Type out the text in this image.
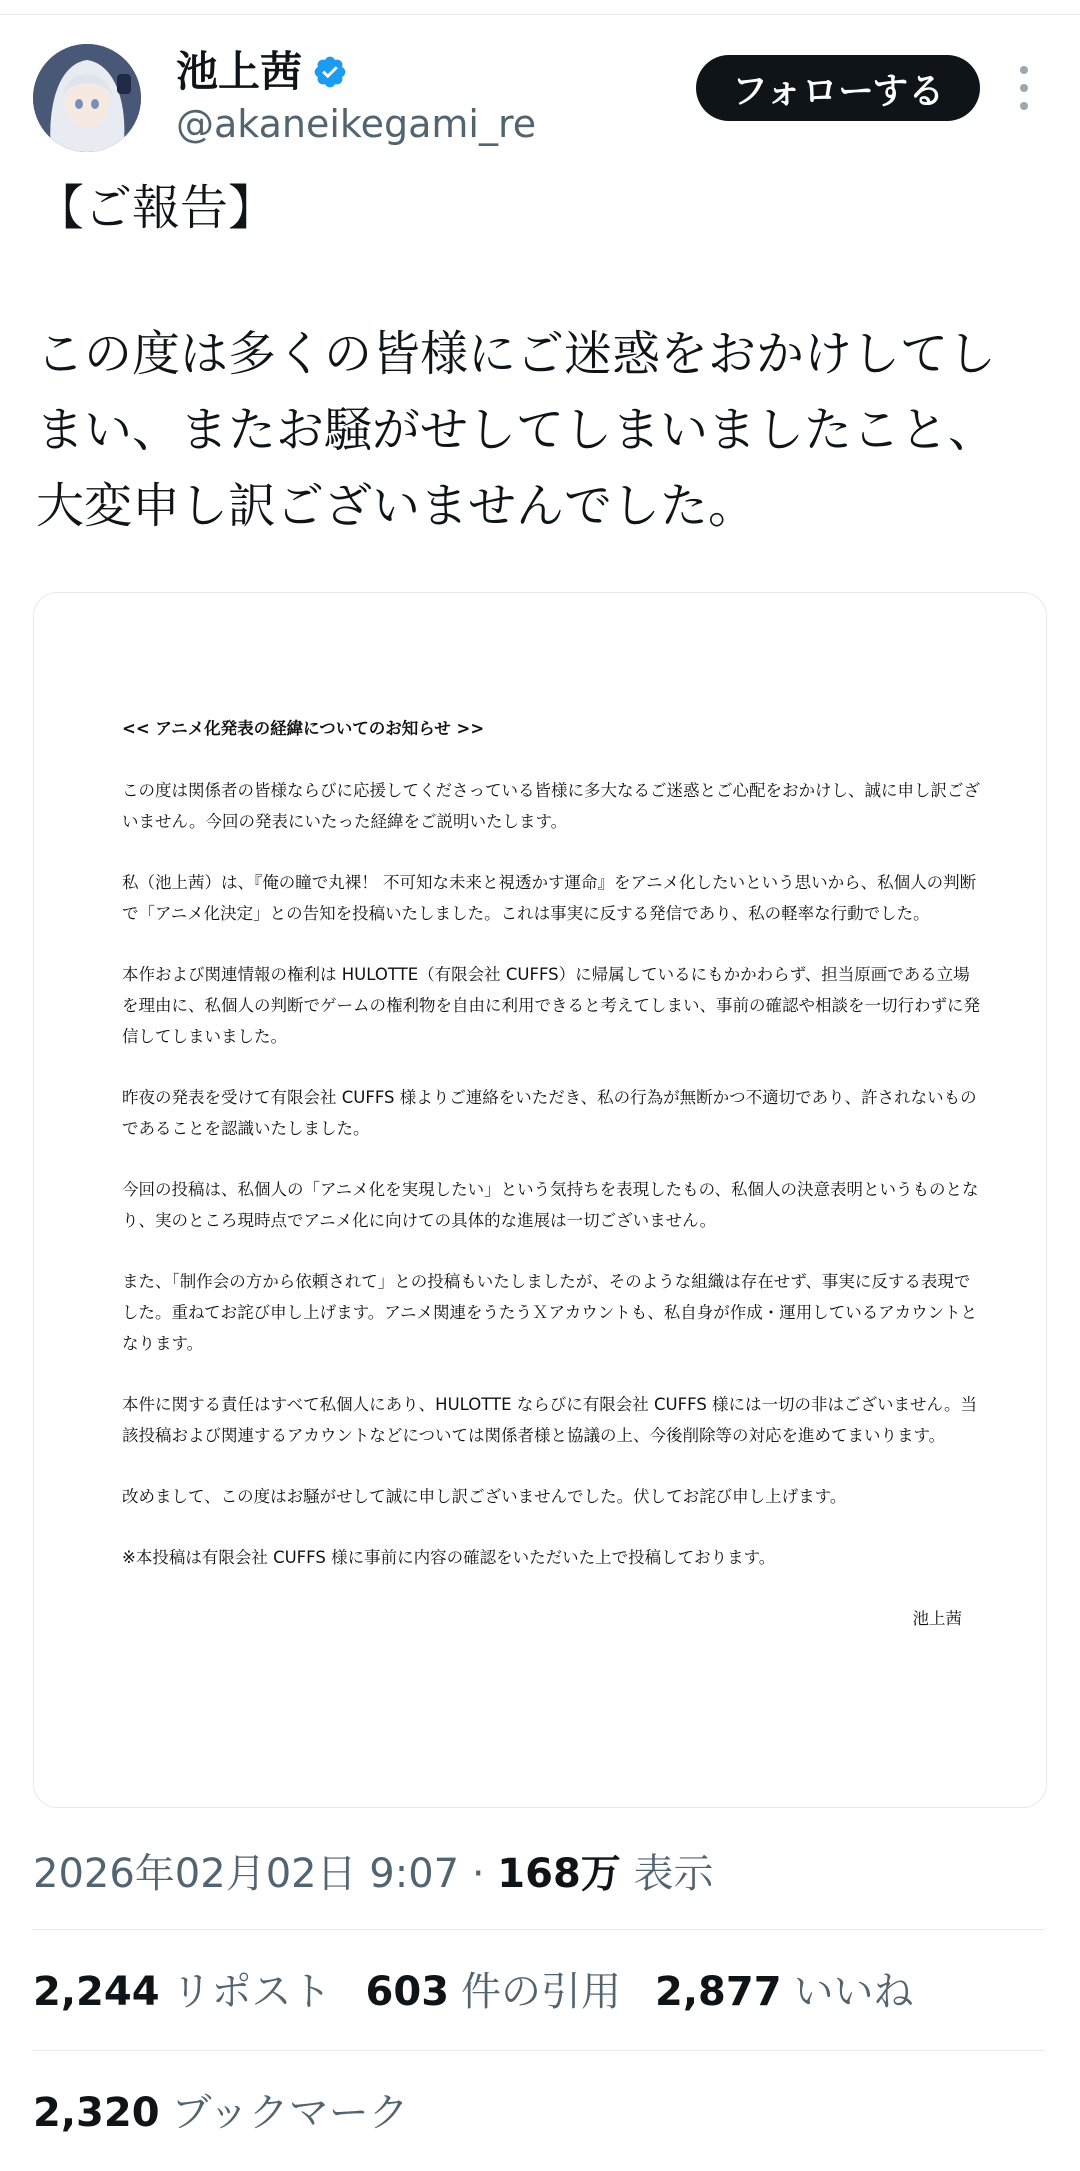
池上茜
@akaneikegami_re
フォローする
【ご報告】
この度は多くの皆様にご迷惑をおかけしてし
まい、またお騒がせしてしまいましたこと、
大変申し訳ございませんでした。
<< アニメ化発表の経緯についてのお知らせ >>

この度は関係者の皆様ならびに応援してくださっている皆様に多大なるご迷惑とご心配をおかけし、誠に申し訳ございません。今回の発表にいたった経緯をご説明いたします。

私（池上茜）は、『俺の瞳で丸裸！ 不可知な未来と視透かす運命』をアニメ化したいという思いから、私個人の判断で「アニメ化決定」との告知を投稿いたしました。これは事実に反する発信であり、私の軽率な行動でした。

本作および関連情報の権利は HULOTTE（有限会社 CUFFS）に帰属しているにもかかわらず、担当原画である立場を理由に、私個人の判断でゲームの権利物を自由に利用できると考えてしまい、事前の確認や相談を一切行わずに発信してしまいました。

昨夜の発表を受けて有限会社 CUFFS 様よりご連絡をいただき、私の行為が無断かつ不適切であり、許されないものであることを認識いたしました。

今回の投稿は、私個人の「アニメ化を実現したい」という気持ちを表現したもの、私個人の決意表明というものとなり、実のところ現時点でアニメ化に向けての具体的な進展は一切ございません。

また、「制作会の方から依頼されて」との投稿もいたしましたが、そのような組織は存在せず、事実に反する表現でした。重ねてお詫び申し上げます。アニメ関連をうたうＸアカウントも、私自身が作成・運用しているアカウントとなります。

本件に関する責任はすべて私個人にあり、HULOTTE ならびに有限会社 CUFFS 様には一切の非はございません。当該投稿および関連するアカウントなどについては関係者様と協議の上、今後削除等の対応を進めてまいります。

改めまして、この度はお騒がせして誠に申し訳ございませんでした。伏してお詫び申し上げます。

※本投稿は有限会社 CUFFS 様に事前に内容の確認をいただいた上で投稿しております。

池上茜
2026年02月02日 9:07 · 168万 表示
2,244 リポスト 603 件の引用 2,877 いいね
2,320 ブックマーク
